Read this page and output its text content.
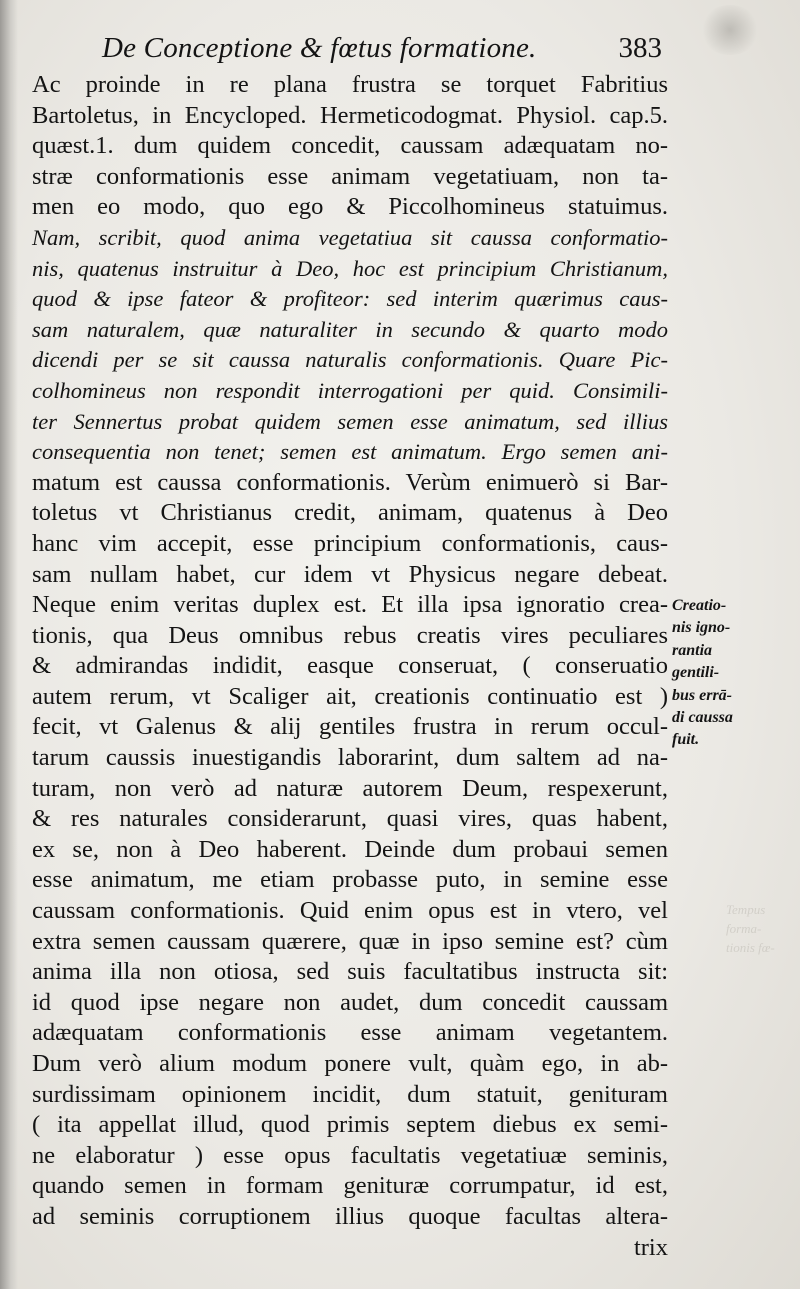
De Conceptione & fœtus formatione.	383
Ac proinde in re plana frustra se torquet Fabritius
Bartoletus, in Encycloped. Hermeticodogmat. Physiol. cap.5.
quæst.1. dum quidem concedit, caussam adæquatam no-
stræ conformationis esse animam vegetatiuam, non ta-
men eo modo, quo ego & Piccolhomineus statuimus.
Nam, scribit, quod anima vegetatiua sit caussa conformatio-
nis, quatenus instruitur à Deo, hoc est principium Christianum,
quod & ipse fateor & profiteor: sed interim quærimus caus-
sam naturalem, quæ naturaliter in secundo & quarto modo
dicendi per se sit caussa naturalis conformationis. Quare Pic-
colhomineus non respondit interrogationi per quid. Consimili-
ter Sennertus probat quidem semen esse animatum, sed illius
consequentia non tenet; semen est animatum. Ergo semen ani-
matum est caussa conformationis. Verùm enimuerò si Bar-
toletus vt Christianus credit, animam, quatenus à Deo
hanc vim accepit, esse principium conformationis, caus-
sam nullam habet, cur idem vt Physicus negare debeat.
Neque enim veritas duplex est. Et illa ipsa ignoratio crea-
tionis, qua Deus omnibus rebus creatis vires peculiares
& admirandas indidit, easque conseruat, ( conseruatio
autem rerum, vt Scaliger ait, creationis continuatio est )
fecit, vt Galenus & alij gentiles frustra in rerum occul-
tarum caussis inuestigandis laborarint, dum saltem ad na-
turam, non verò ad naturæ autorem Deum, respexerunt,
& res naturales considerarunt, quasi vires, quas habent,
ex se, non à Deo haberent. Deinde dum probaui semen
esse animatum, me etiam probasse puto, in semine esse
caussam conformationis. Quid enim opus est in vtero, vel
extra semen caussam quærere, quæ in ipso semine est? cùm
anima illa non otiosa, sed suis facultatibus instructa sit:
id quod ipse negare non audet, dum concedit caussam
adæquatam conformationis esse animam vegetantem.
Dum verò alium modum ponere vult, quàm ego, in ab-
surdissimam opinionem incidit, dum statuit, genituram
( ita appellat illud, quod primis septem diebus ex semi-
ne elaboratur ) esse opus facultatis vegetatiuæ seminis,
quando semen in formam genituræ corrumpatur, id est,
ad seminis corruptionem illius quoque facultas altera-
trix
Creatio-
nis igno-
rantia
gentili-
bus errā-
di caussa
fuit.
Tempus
forma-
tionis fœ-
